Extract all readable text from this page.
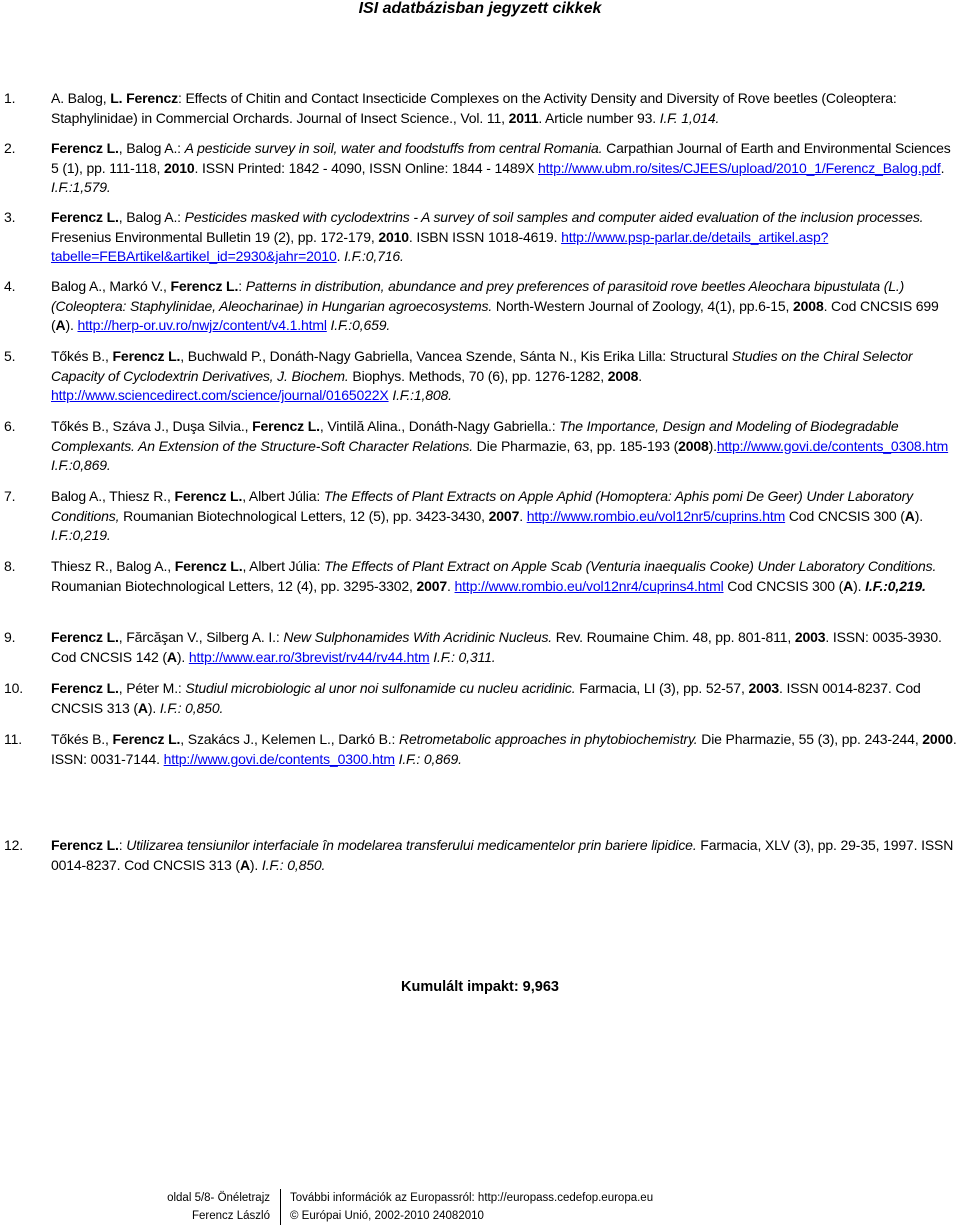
ISI adatbázisban jegyzett cikkek
1.	A. Balog, L. Ferencz: Effects of Chitin and Contact Insecticide Complexes on the Activity Density and Diversity of Rove beetles (Coleoptera: Staphylinidae) in Commercial Orchards. Journal of Insect Science., Vol. 11, 2011. Article number 93. I.F. 1,014.
2.	Ferencz L., Balog A.: A pesticide survey in soil, water and foodstuffs from central Romania. Carpathian Journal of Earth and Environmental Sciences 5 (1), pp. 111-118, 2010. ISSN Printed: 1842 - 4090, ISSN Online: 1844 - 1489X http://www.ubm.ro/sites/CJEES/upload/2010_1/Ferencz_Balog.pdf. I.F.:1,579.
3.	Ferencz L., Balog A.: Pesticides masked with cyclodextrins - A survey of soil samples and computer aided evaluation of the inclusion processes. Fresenius Environmental Bulletin 19 (2), pp. 172-179, 2010. ISBN ISSN 1018-4619. http://www.psp-parlar.de/details_artikel.asp?tabelle=FEBArtikel&artikel_id=2930&jahr=2010. I.F.:0,716.
4.	Balog A., Markó V., Ferencz L.: Patterns in distribution, abundance and prey preferences of parasitoid rove beetles Aleochara bipustulata (L.) (Coleoptera: Staphylinidae, Aleocharinae) in Hungarian agroecosystems. North-Western Journal of Zoology, 4(1), pp.6-15, 2008. Cod CNCSIS 699 (A). http://herp-or.uv.ro/nwjz/content/v4.1.html I.F.:0,659.
5.	Tőkés B., Ferencz L., Buchwald P., Donáth-Nagy Gabriella, Vancea Szende, Sánta N., Kis Erika Lilla: Structural Studies on the Chiral Selector Capacity of Cyclodextrin Derivatives, J. Biochem. Biophys. Methods, 70 (6), pp. 1276-1282, 2008. http://www.sciencedirect.com/science/journal/0165022X I.F.:1,808.
6.	Tőkés B., Száva J., Duşa Silvia., Ferencz L., Vintilă Alina., Donáth-Nagy Gabriella.: The Importance, Design and Modeling of Biodegradable Complexants. An Extension of the Structure-Soft Character Relations. Die Pharmazie, 63, pp. 185-193 (2008).http://www.govi.de/contents_0308.htm I.F.:0,869.
7.	Balog A., Thiesz R., Ferencz L., Albert Júlia: The Effects of Plant Extracts on Apple Aphid (Homoptera: Aphis pomi De Geer) Under Laboratory Conditions, Roumanian Biotechnological Letters, 12 (5), pp. 3423-3430, 2007. http://www.rombio.eu/vol12nr5/cuprins.htm Cod CNCSIS 300 (A). I.F.:0,219.
8.	Thiesz R., Balog A., Ferencz L., Albert Júlia: The Effects of Plant Extract on Apple Scab (Venturia inaequalis Cooke) Under Laboratory Conditions. Roumanian Biotechnological Letters, 12 (4), pp. 3295-3302, 2007. http://www.rombio.eu/vol12nr4/cuprins4.html Cod CNCSIS 300 (A). I.F.:0,219.
9.	Ferencz L., Fărcăşan V., Silberg A. I.: New Sulphonamides With Acridinic Nucleus. Rev. Roumaine Chim. 48, pp. 801-811, 2003. ISSN: 0035-3930. Cod CNCSIS 142 (A). http://www.ear.ro/3brevist/rv44/rv44.htm I.F.: 0,311.
10.	Ferencz L., Péter M.: Studiul microbiologic al unor noi sulfonamide cu nucleu acridinic. Farmacia, LI (3), pp. 52-57, 2003. ISSN 0014-8237. Cod CNCSIS 313 (A). I.F.: 0,850.
11.	Tőkés B., Ferencz L., Szakács J., Kelemen L., Darkó B.: Retrometabolic approaches in phytobiochemistry. Die Pharmazie, 55 (3), pp. 243-244, 2000. ISSN: 0031-7144. http://www.govi.de/contents_0300.htm I.F.: 0,869.
12.	Ferencz L.: Utilizarea tensiunilor interfaciale în modelarea transferului medicamentelor prin bariere lipidice. Farmacia, XLV (3), pp. 29-35, 1997. ISSN 0014-8237. Cod CNCSIS 313 (A). I.F.: 0,850.
Kumulált impakt: 9,963
oldal 5/8- Önéletrajz
Ferencz László
További információk az Europassról: http://europass.cedefop.europa.eu
© Európai Unió, 2002-2010 24082010
